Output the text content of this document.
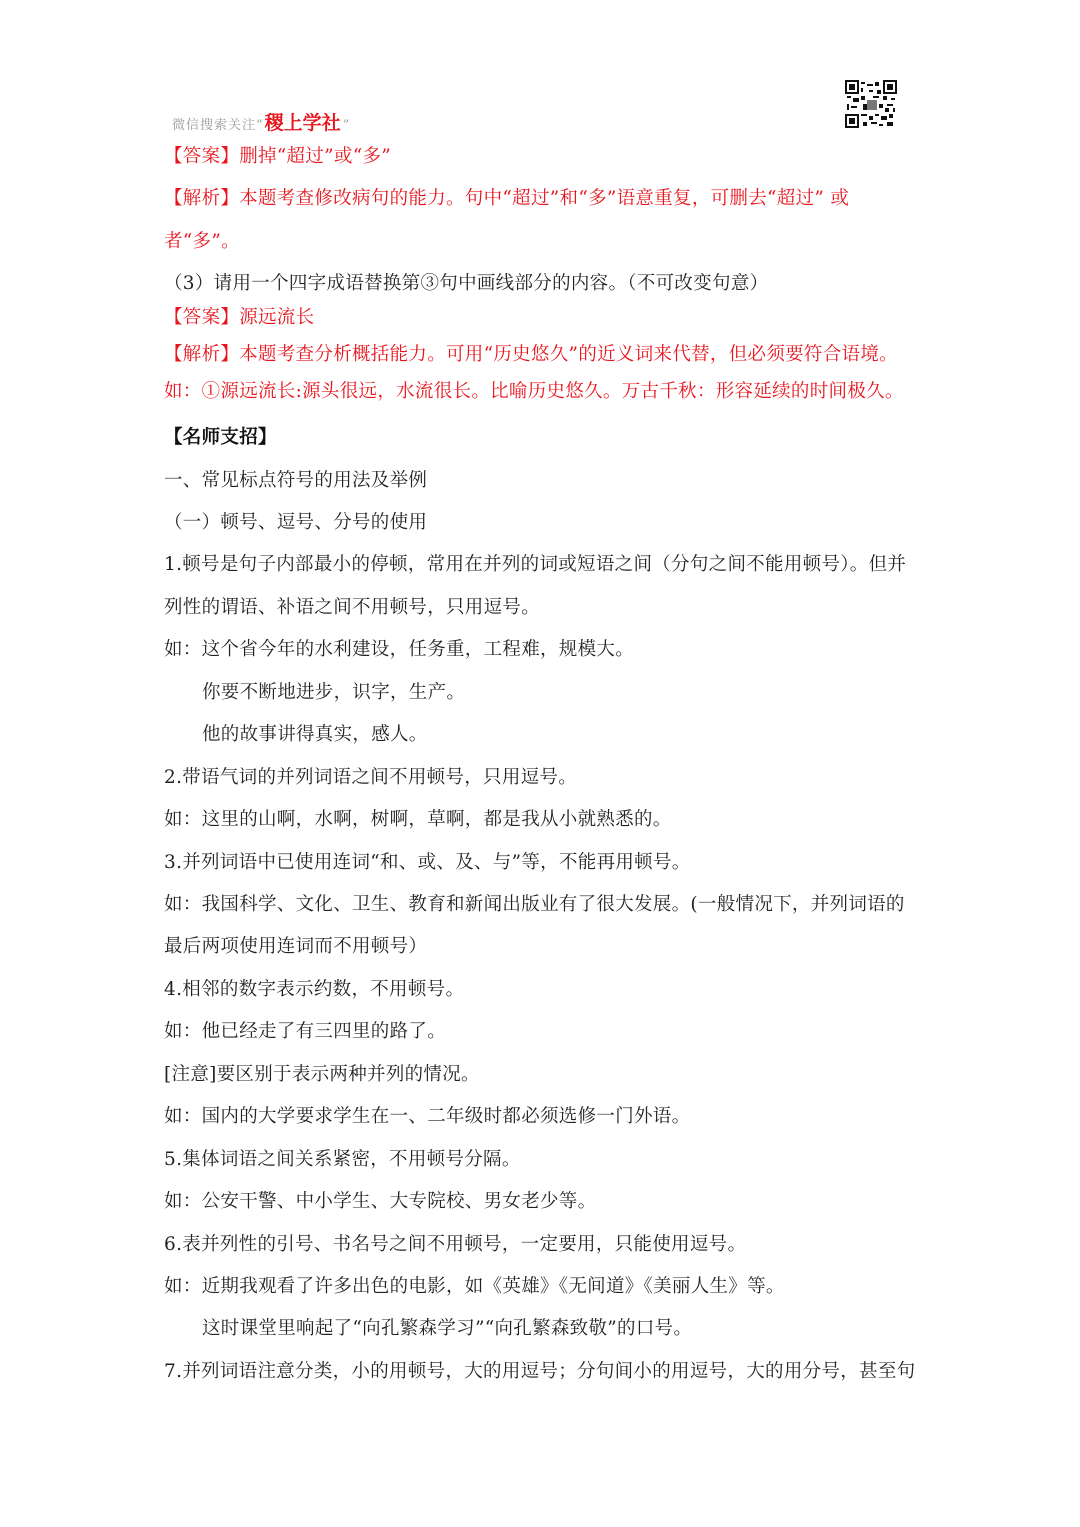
微信搜索关注 “ 稷上学社 ”
【答案】删掉“超过”或“多”
【解析】本题考查修改病句的能力。句中“超过”和“多”语意重复，可删去“超过” 或
者“多”。
（3）请用一个四字成语替换第③句中画线部分的内容。（不可改变句意）
【答案】源远流长
【解析】本题考查分析概括能力。可用“历史悠久”的近义词来代替，但必须要符合语境。
如：①源远流长:源头很远，水流很长。比喻历史悠久。万古千秋：形容延续的时间极久。
【名师支招】
一、常见标点符号的用法及举例
（一）顿号、逗号、分号的使用
1.顿号是句子内部最小的停顿，常用在并列的词或短语之间（分句之间不能用顿号）。但并
列性的谓语、补语之间不用顿号，只用逗号。
如：这个省今年的水利建设，任务重，工程难，规模大。
你要不断地进步，识字，生产。
他的故事讲得真实，感人。
2.带语气词的并列词语之间不用顿号，只用逗号。
如：这里的山啊，水啊，树啊，草啊，都是我从小就熟悉的。
3.并列词语中已使用连词“和、或、及、与”等，不能再用顿号。
如：我国科学、文化、卫生、教育和新闻出版业有了很大发展。(一般情况下，并列词语的
最后两项使用连词而不用顿号）
4.相邻的数字表示约数，不用顿号。
如：他已经走了有三四里的路了。
[注意]要区别于表示两种并列的情况。
如：国内的大学要求学生在一、二年级时都必须选修一门外语。
5.集体词语之间关系紧密，不用顿号分隔。
如：公安干警、中小学生、大专院校、男女老少等。
6.表并列性的引号、书名号之间不用顿号，一定要用，只能使用逗号。
如：近期我观看了许多出色的电影，如《英雄》《无间道》《美丽人生》等。
这时课堂里响起了“向孔繁森学习”“向孔繁森致敬”的口号。
7.并列词语注意分类，小的用顿号，大的用逗号；分句间小的用逗号，大的用分号，甚至句
